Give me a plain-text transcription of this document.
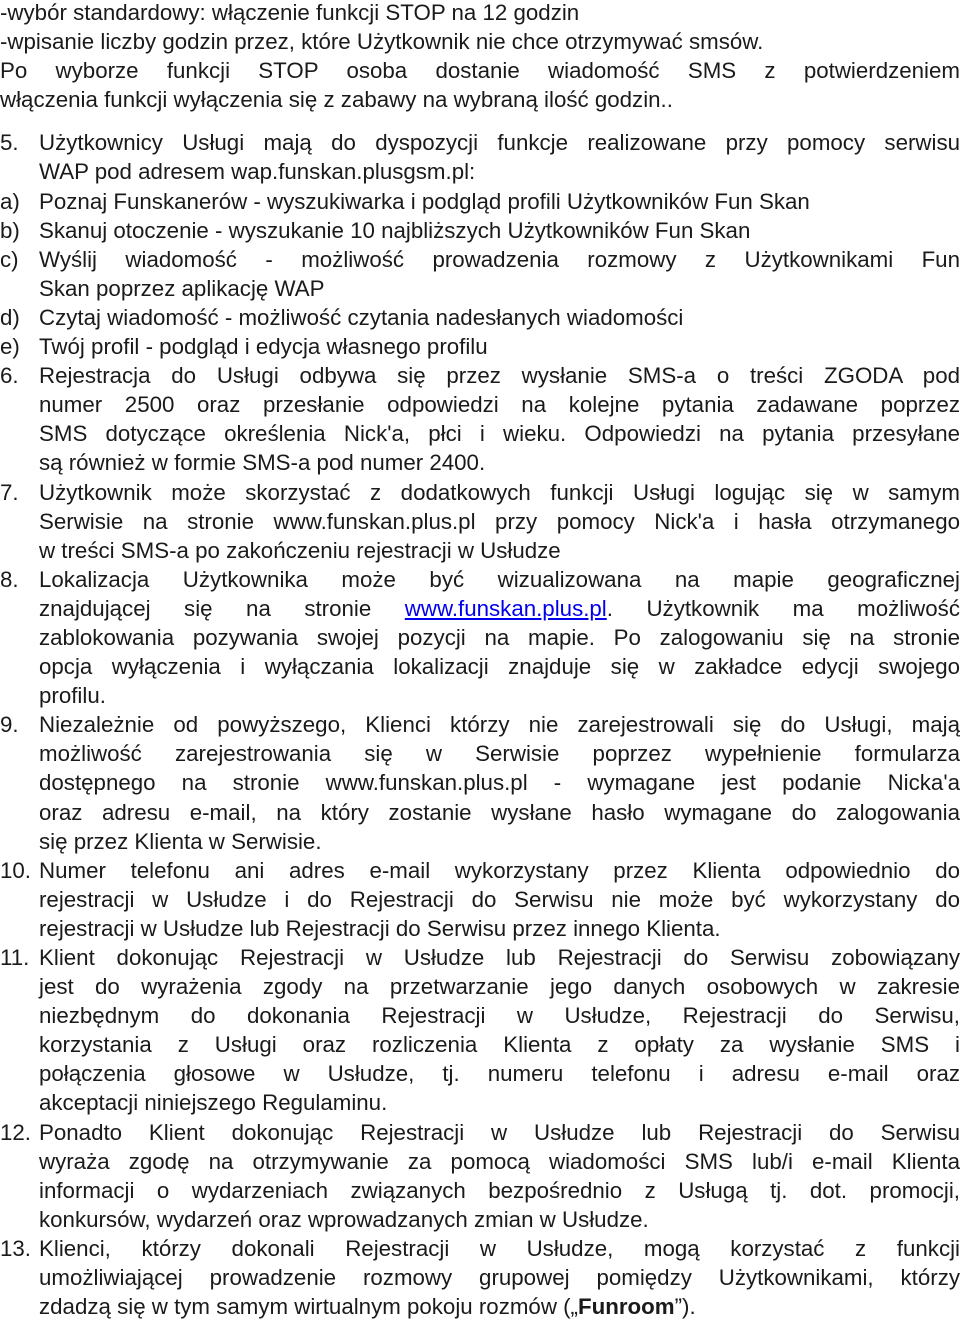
-wybór standardowy: włączenie funkcji STOP na 12 godzin
-wpisanie liczby godzin przez, które Użytkownik nie chce otrzymywać smsów.
Po wyborze funkcji STOP osoba dostanie wiadomość SMS z potwierdzeniem
włączenia funkcji wyłączenia się z zabawy na wybraną ilość godzin..
5. Użytkownicy Usługi mają do dyspozycji funkcje realizowane przy pomocy serwisu
WAP pod adresem wap.funskan.plusgsm.pl:
a) Poznaj Funskanerów - wyszukiwarka i podgląd profili Użytkowników Fun Skan
b) Skanuj otoczenie - wyszukanie 10 najbliższych Użytkowników Fun Skan
c) Wyślij wiadomość - możliwość prowadzenia rozmowy z Użytkownikami Fun
Skan poprzez aplikację WAP
d) Czytaj wiadomość - możliwość czytania nadesłanych wiadomości
e) Twój profil - podgląd i edycja własnego profilu
6. Rejestracja do Usługi odbywa się przez wysłanie SMS-a o treści ZGODA pod
numer 2500 oraz przesłanie odpowiedzi na kolejne pytania zadawane poprzez
SMS dotyczące określenia Nick'a, płci i wieku. Odpowiedzi na pytania przesyłane
są również w formie SMS-a pod numer 2400.
7. Użytkownik może skorzystać z dodatkowych funkcji Usługi logując się w samym
Serwisie na stronie www.funskan.plus.pl przy pomocy Nick'a i hasła otrzymanego
w treści SMS-a po zakończeniu rejestracji w Usłudze
8. Lokalizacja Użytkownika może być wizualizowana na mapie geograficznej
znajdującej się na stronie www.funskan.plus.pl. Użytkownik ma możliwość
zablokowania pozywania swojej pozycji na mapie. Po zalogowaniu się na stronie
opcja wyłączenia i wyłączania lokalizacji znajduje się w zakładce edycji swojego
profilu.
9. Niezależnie od powyższego, Klienci którzy nie zarejestrowali się do Usługi, mają
możliwość zarejestrowania się w Serwisie poprzez wypełnienie formularza
dostępnego na stronie www.funskan.plus.pl - wymagane jest podanie Nicka'a
oraz adresu e-mail, na który zostanie wysłane hasło wymagane do zalogowania
się przez Klienta w Serwisie.
10. Numer telefonu ani adres e-mail wykorzystany przez Klienta odpowiednio do
rejestracji w Usłudze i do Rejestracji do Serwisu nie może być wykorzystany do
rejestracji w Usłudze lub Rejestracji do Serwisu przez innego Klienta.
11. Klient dokonując Rejestracji w Usłudze lub Rejestracji do Serwisu zobowiązany
jest do wyrażenia zgody na przetwarzanie jego danych osobowych w zakresie
niezbędnym do dokonania Rejestracji w Usłudze, Rejestracji do Serwisu,
korzystania z Usługi oraz rozliczenia Klienta z opłaty za wysłanie SMS i
połączenia głosowe w Usłudze, tj. numeru telefonu i adresu e-mail oraz
akceptacji niniejszego Regulaminu.
12. Ponadto Klient dokonując Rejestracji w Usłudze lub Rejestracji do Serwisu
wyraża zgodę na otrzymywanie za pomocą wiadomości SMS lub/i e-mail Klienta
informacji o wydarzeniach związanych bezpośrednio z Usługą tj. dot. promocji,
konkursów, wydarzeń oraz wprowadzanych zmian w Usłudze.
13. Klienci, którzy dokonali Rejestracji w Usłudze, mogą korzystać z funkcji
umożliwiającej prowadzenie rozmowy grupowej pomiędzy Użytkownikami, którzy
zdadzą się w tym samym wirtualnym pokoju rozmów („Funroom”).
